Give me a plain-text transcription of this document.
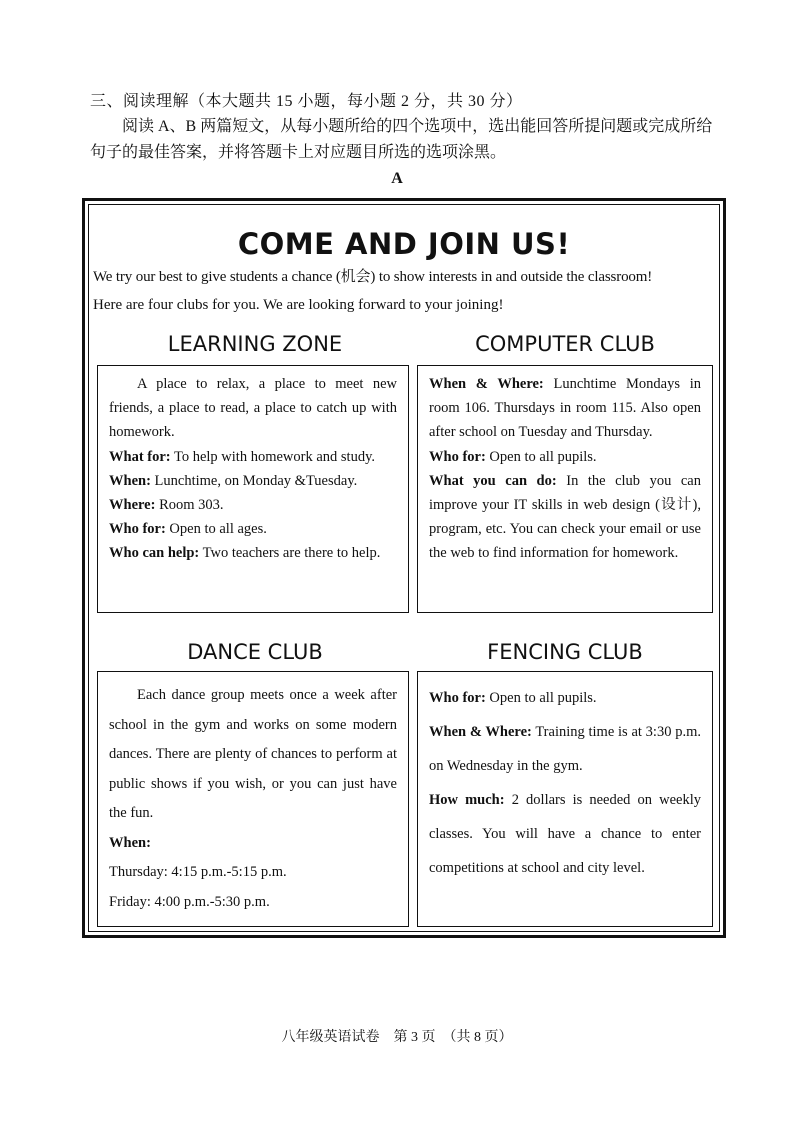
三、阅读理解（本大题共 15 小题，每小题 2 分，共 30 分）
阅读 A、B 两篇短文，从每小题所给的四个选项中，选出能回答所提问题或完成所给句子的最佳答案，并将答题卡上对应题目所选的选项涂黑。
A
COME AND JOIN US!
We try our best to give students a chance (机会) to show interests in and outside the classroom!
Here are four clubs for you. We are looking forward to your joining!
LEARNING ZONE

A place to relax, a place to meet new friends, a place to read, a place to catch up with homework.

What for: To help with homework and study.

When: Lunchtime, on Monday &Tuesday.

Where: Room 303.

Who for: Open to all ages.

Who can help: Two teachers are there to help.

COMPUTER CLUB

When & Where: Lunchtime Mondays in room 106. Thursdays in room 115. Also open after school on Tuesday and Thursday.

Who for: Open to all pupils.

What you can do: In the club you can improve your IT skills in web design (设计), program, etc. You can check your email or use the web to find information for homework.

DANCE CLUB

Each dance group meets once a week after school in the gym and works on some modern dances. There are plenty of chances to perform at public shows if you wish, or you can just have the fun.

When:

Thursday: 4:15 p.m.-5:15 p.m.

Friday: 4:00 p.m.-5:30 p.m.

FENCING CLUB

Who for: Open to all pupils.

When & Where: Training time is at 3:30 p.m. on Wednesday in the gym.

How much: 2 dollars is needed on weekly classes. You will have a chance to enter competitions at school and city level.

八年级英语试卷　第 3 页　（共 8 页）
